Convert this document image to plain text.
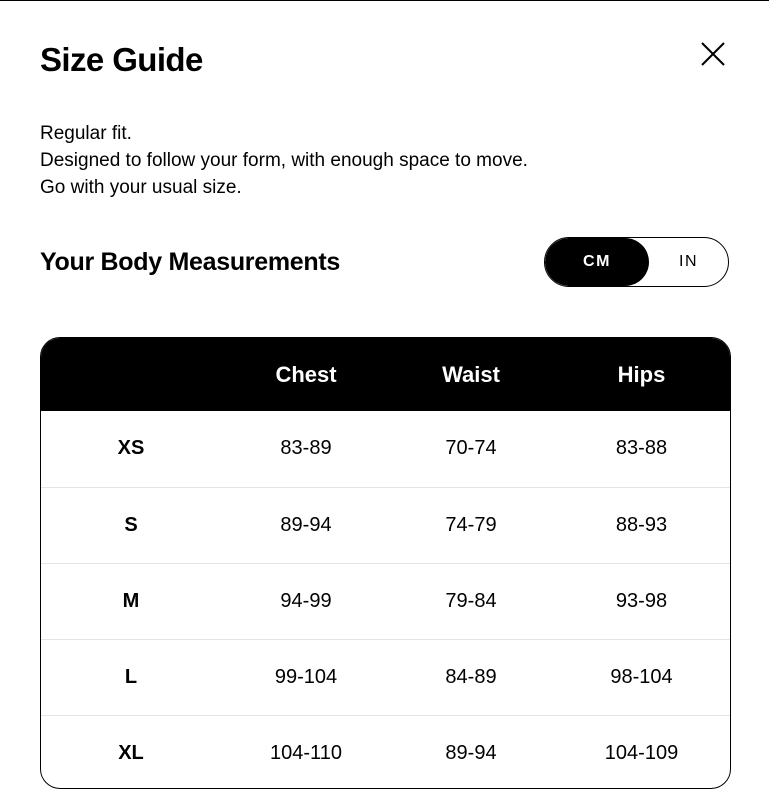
Size Guide

Regular fit.
Designed to follow your form, with enough space to move.
Go with your usual size.

Your Body Measurements	CM	IN
	Chest	Waist	Hips
XS	83-89	70-74	83-88
S	89-94	74-79	88-93
M	94-99	79-84	93-98
L	99-104	84-89	98-104
XL	104-110	89-94	104-109
